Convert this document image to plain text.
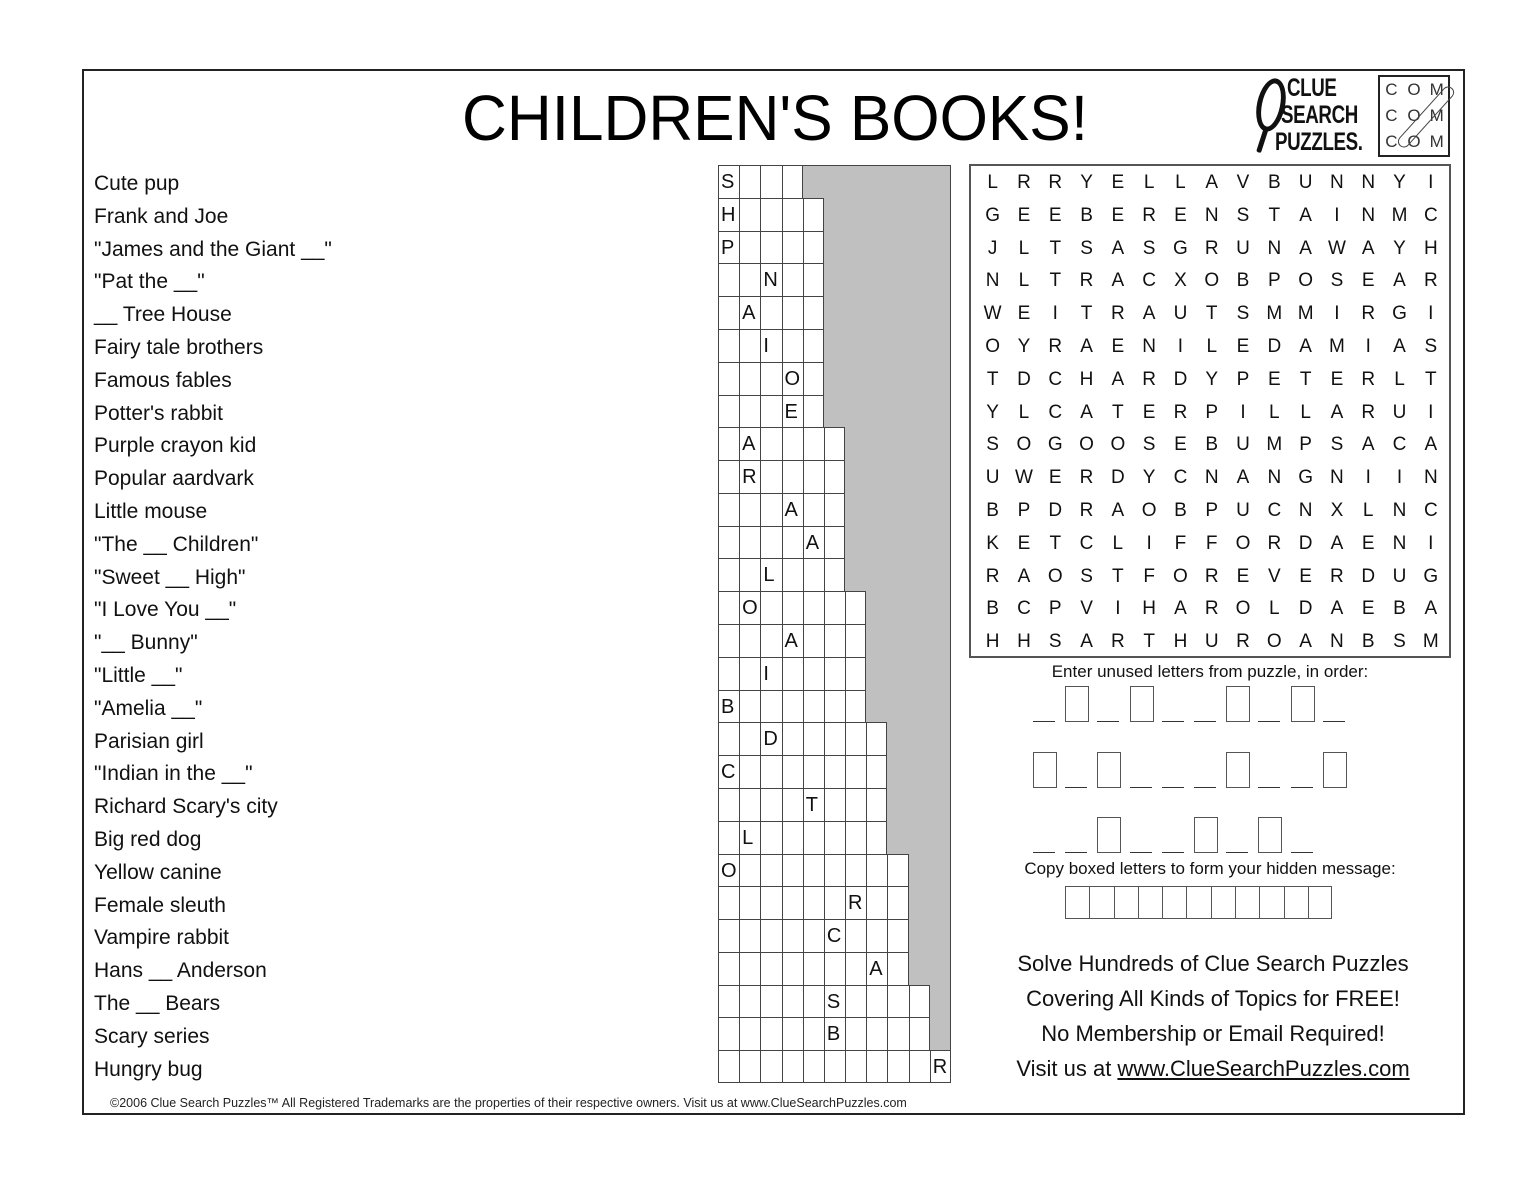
CHILDREN'S BOOKS!	CLUE
SEARCH
PUZZLES.
C O M
C O M
C O M
Cute pup
Frank and Joe
"James and the Giant __"
"Pat the __"
__ Tree House
Fairy tale brothers
Famous fables
Potter's rabbit
Purple crayon kid
Popular aardvark
Little mouse
"The __ Children"
"Sweet __ High"
"I Love You __"
"__ Bunny"
"Little __"
"Amelia __"
Parisian girl
"Indian in the __"
Richard Scary's city
Big red dog
Yellow canine
Female sleuth
Vampire rabbit
Hans __ Anderson
The __ Bears
Scary series
Hungry bug
S
H
P
N
A
I
O
E
A
R
A
A
L
O
A
I
B
D
C
T
L
O
R
C
A
S
B
R
L	R R Y E	L	L	A V B U N N Y	I
G E E B E R E N S	T	A	I	N M C
J	L	T	S A S G R U N A W A Y H
N	L	T R A C X O B P O S E A R
W E	I	T R A U T	S M M	I	R G	I
O Y R A E N	I	L	E D A M	I	A S
T D C H A R D Y P E	T	E R	L	T
Y	L	C A	T	E R P	I	L	L	A R U	I
S O G O O S E B U M P S A C A
U W E R D Y C N A N G N	I	I	N
B P D R A O B P U C N X	L	N C
K E	T C	L	I	F	F O R D A E N	I
R A O S	T	F O R E V E R D U G
B C P V	I	H A R O L	D A E B A
H H S A R T H U R O A N B S M
Enter unused letters from puzzle, in order:
Copy boxed letters to form your hidden message:
Solve Hundreds of Clue Search Puzzles
Covering All Kinds of Topics for FREE!
No Membership or Email Required!
Visit us at www.ClueSearchPuzzles.com
©2006 Clue Search Puzzles™ All Registered Trademarks are the properties of their respective owners. Visit us at www.ClueSearchPuzzles.com
